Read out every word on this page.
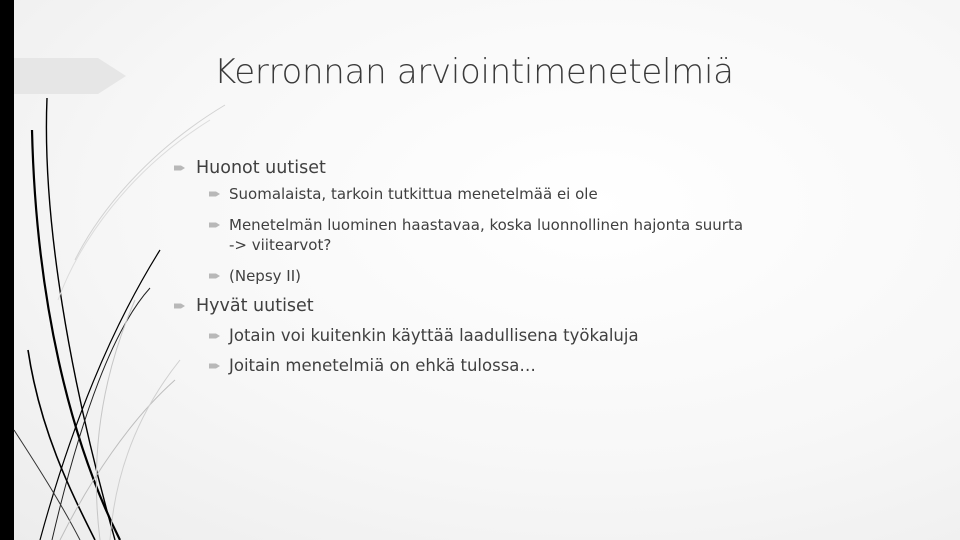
Kerronnan arviointimenetelmiä
Huonot uutiset
Suomalaista, tarkoin tutkittua menetelmää ei ole
Menetelmän luominen haastavaa, koska luonnollinen hajonta suurta
-> viitearvot?
(Nepsy II)
Hyvät uutiset
Jotain voi kuitenkin käyttää laadullisena työkaluja
Joitain menetelmiä on ehkä tulossa…
